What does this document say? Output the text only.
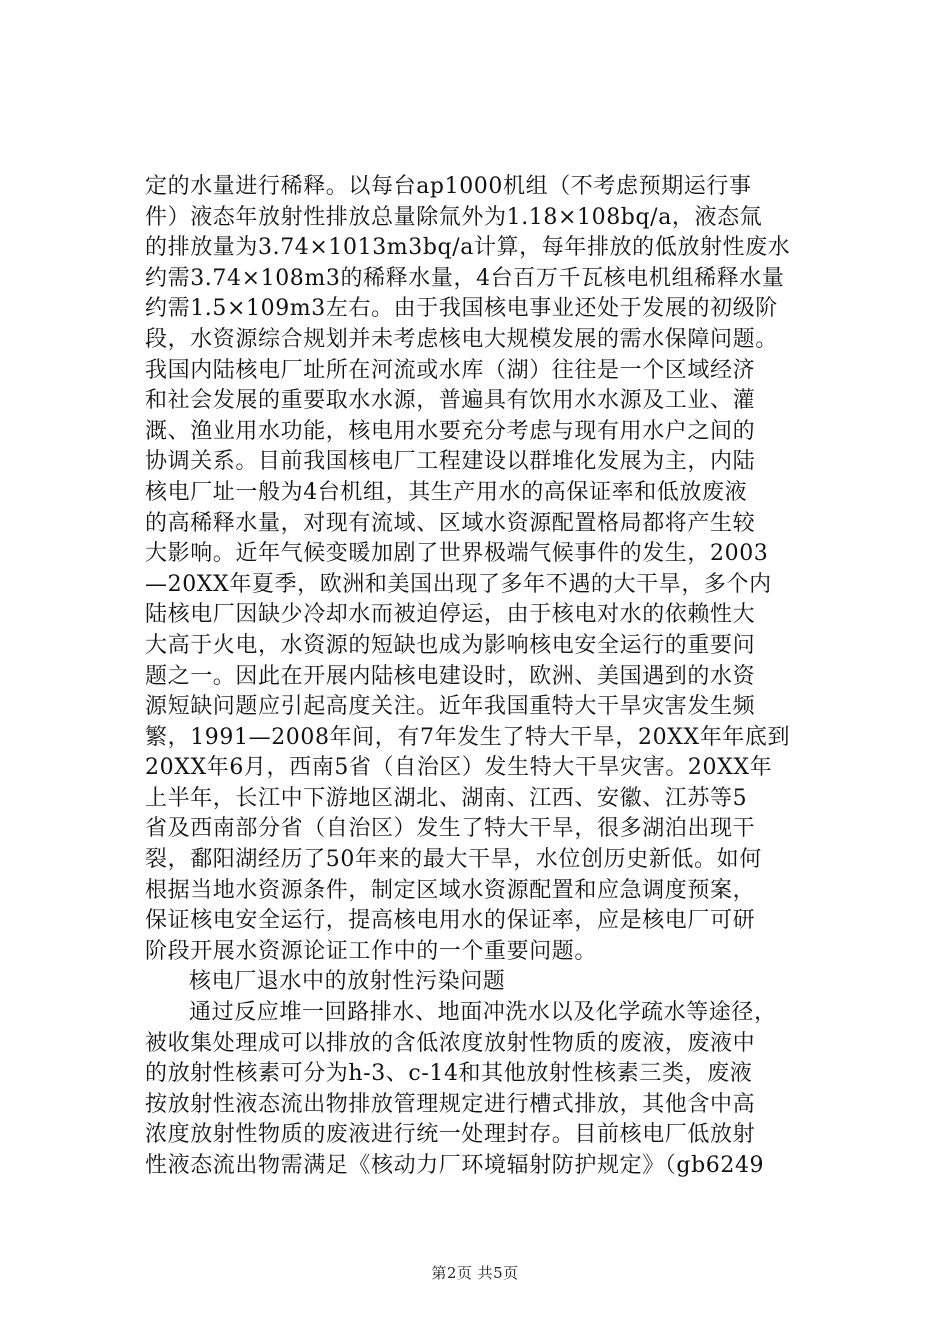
定的水量进行稀释。以每台ap1000机组（不考虑预期运行事
件）液态年放射性排放总量除氚外为1.18×108bq/a，液态氚
的排放量为3.74×1013m3bq/a计算，每年排放的低放射性废水
约需3.74×108m3的稀释水量，4台百万千瓦核电机组稀释水量
约需1.5×109m3左右。由于我国核电事业还处于发展的初级阶
段，水资源综合规划并未考虑核电大规模发展的需水保障问题。
我国内陆核电厂址所在河流或水库（湖）往往是一个区域经济
和社会发展的重要取水水源，普遍具有饮用水水源及工业、灌
溉、渔业用水功能，核电用水要充分考虑与现有用水户之间的
协调关系。目前我国核电厂工程建设以群堆化发展为主，内陆
核电厂址一般为4台机组，其生产用水的高保证率和低放废液
的高稀释水量，对现有流域、区域水资源配置格局都将产生较
大影响。近年气候变暖加剧了世界极端气候事件的发生，2003
—20XX年夏季，欧洲和美国出现了多年不遇的大干旱，多个内
陆核电厂因缺少冷却水而被迫停运，由于核电对水的依赖性大
大高于火电，水资源的短缺也成为影响核电安全运行的重要问
题之一。因此在开展内陆核电建设时，欧洲、美国遇到的水资
源短缺问题应引起高度关注。近年我国重特大干旱灾害发生频
繁，1991—2008年间，有7年发生了特大干旱，20XX年年底到
20XX年6月，西南5省（自治区）发生特大干旱灾害。20XX年
上半年，长江中下游地区湖北、湖南、江西、安徽、江苏等5
省及西南部分省（自治区）发生了特大干旱，很多湖泊出现干
裂，鄱阳湖经历了50年来的最大干旱，水位创历史新低。如何
根据当地水资源条件，制定区域水资源配置和应急调度预案，
保证核电安全运行，提高核电用水的保证率，应是核电厂可研
阶段开展水资源论证工作中的一个重要问题。
核电厂退水中的放射性污染问题
通过反应堆一回路排水、地面冲洗水以及化学疏水等途径，
被收集处理成可以排放的含低浓度放射性物质的废液，废液中
的放射性核素可分为h-3、c-14和其他放射性核素三类，废液
按放射性液态流出物排放管理规定进行槽式排放，其他含中高
浓度放射性物质的废液进行统一处理封存。目前核电厂低放射
性液态流出物需满足《核动力厂环境辐射防护规定》（gb6249
第2页 共5页
